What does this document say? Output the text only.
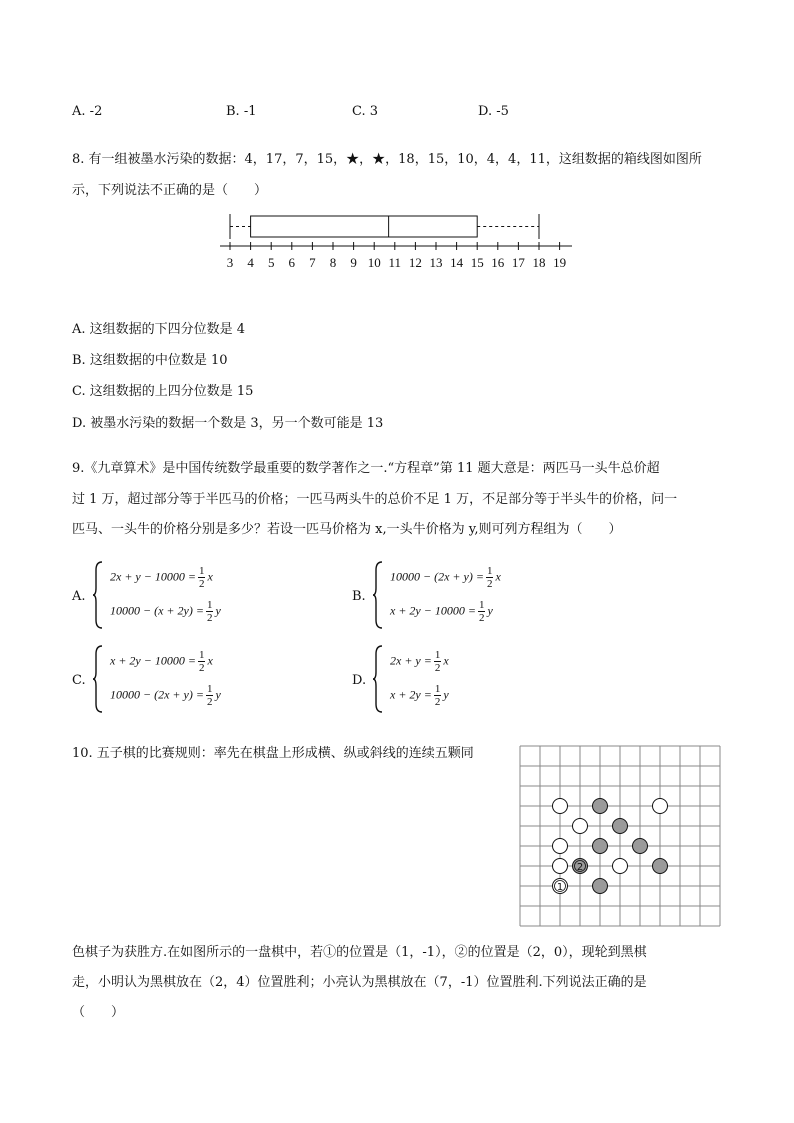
A. -2	B. -1	C. 3	D. -5
8. 有一组被墨水污染的数据：4，17，7，15，★，★，18，15，10，4，4，11，这组数据的箱线图如图所
示，下列说法不正确的是（　　）
3 4 5 6 7 8 9 10 11 12 13 14 15 16 17 18 19
A. 这组数据的下四分位数是 4
B. 这组数据的中位数是 10
C. 这组数据的上四分位数是 15
D. 被墨水污染的数据一个数是 3，另一个数可能是 13
9.《九章算术》是中国传统数学最重要的数学著作之一.“方程章”第 11 题大意是：两匹马一头牛总价超
过 1 万，超过部分等于半匹马的价格；一匹马两头牛的总价不足 1 万，不足部分等于半头牛的价格，问一
匹马、一头牛的价格分别是多少？若设一匹马价格为 x,一头牛价格为 y,则可列方程组为（　　）
A.
$2x + y - 10000 = \frac{1}{2}$ x
$10000 - (x + 2y) = \frac{1}{2}$ y
B.
$10000 - (2x + y) = \frac{1}{2}$ x
$x + 2y - 10000 = \frac{1}{2}$ y
C.
$x + 2y - 10000 = \frac{1}{2}$ x
$10000 - (2x + y) = \frac{1}{2}$ y
D.
$2x + y = \frac{1}{2}$ x
$x + 2y = \frac{1}{2}$ y
10. 五子棋的比赛规则：率先在棋盘上形成横、纵或斜线的连续五颗同
2
1
色棋子为获胜方.在如图所示的一盘棋中，若①的位置是（1，-1），②的位置是（2，0），现轮到黑棋
走，小明认为黑棋放在（2，4）位置胜利；小亮认为黑棋放在（7，-1）位置胜利.下列说法正确的是
（　　）
